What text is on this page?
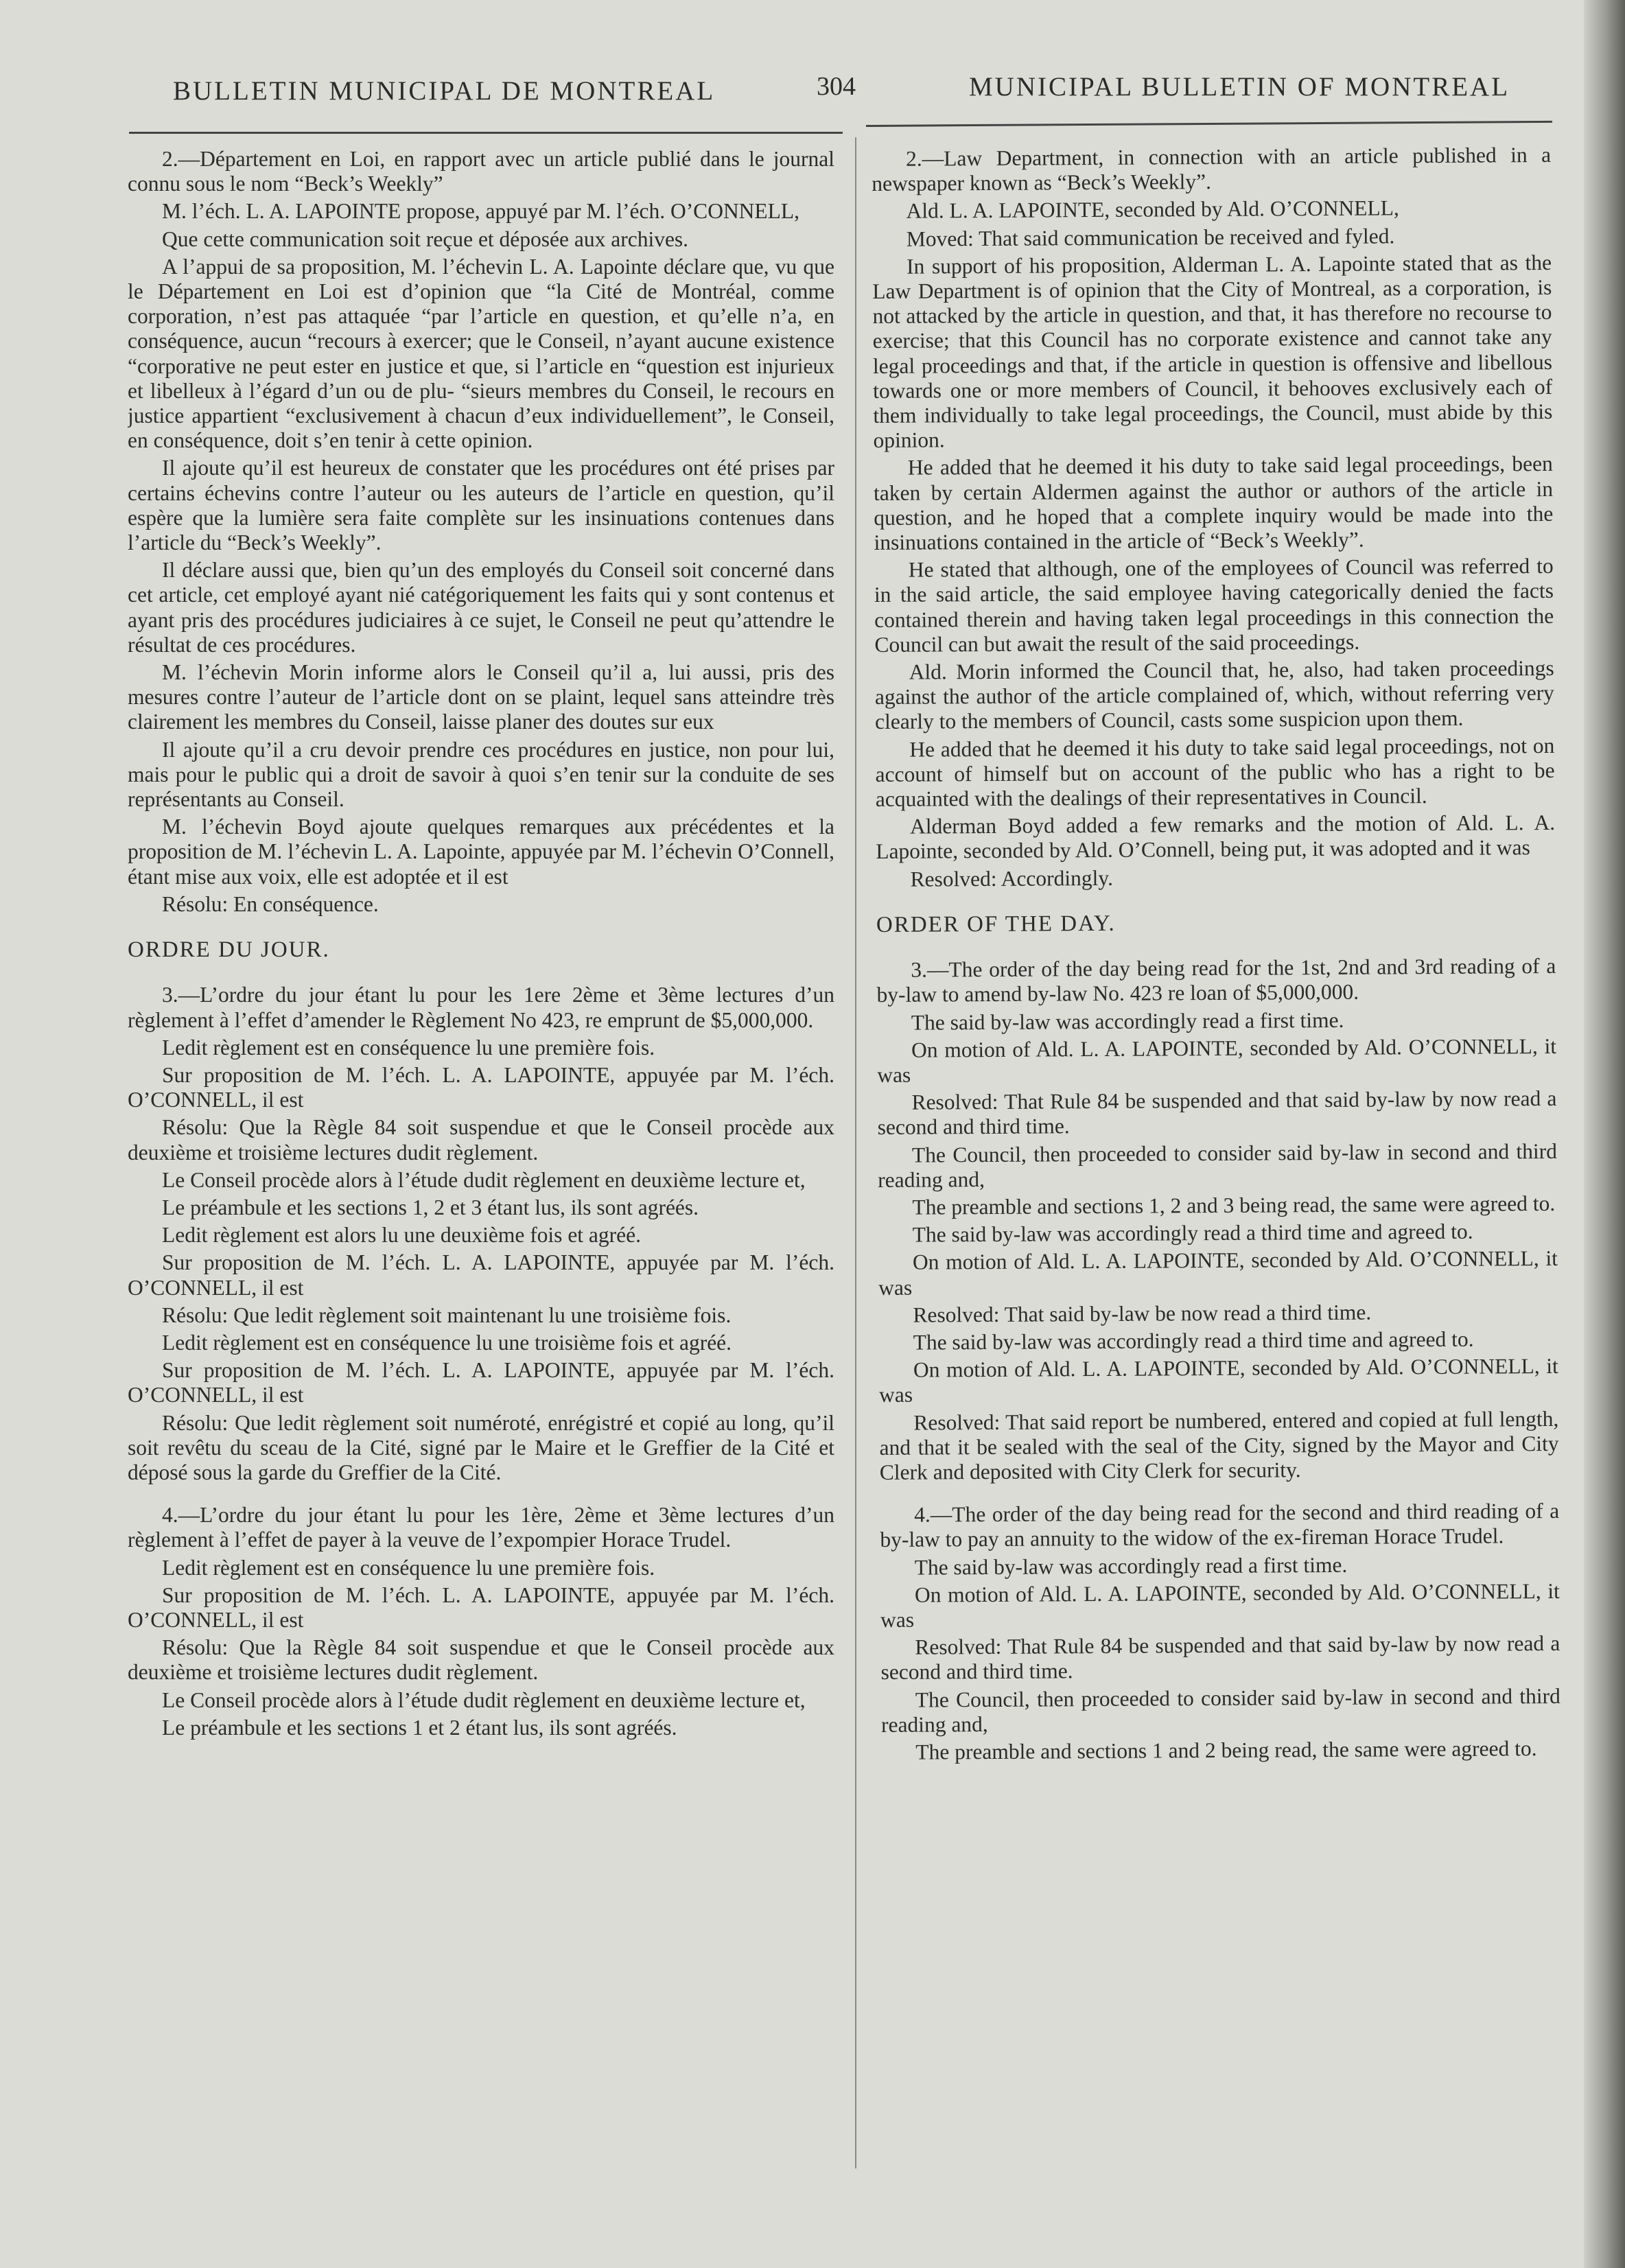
BULLETIN MUNICIPAL DE MONTREAL	304	MUNICIPAL BULLETIN OF MONTREAL

2.—Département en Loi, en rapport avec un article publié dans le journal connu sous le nom “Beck’s Weekly”

M. l’éch. L. A. LAPOINTE propose, appuyé par M. l’éch. O’CONNELL,

Que cette communication soit reçue et déposée aux archives.

A l’appui de sa proposition, M. l’échevin L. A. Lapointe déclare que, vu que le Département en Loi est d’opinion que “la Cité de Montréal, comme corporation, n’est pas attaquée “par l’article en question, et qu’elle n’a, en conséquence, aucun “recours à exercer; que le Conseil, n’ayant aucune existence “corporative ne peut ester en justice et que, si l’article en “question est injurieux et libelleux à l’égard d’un ou de plu- “sieurs membres du Conseil, le recours en justice appartient “exclusivement à chacun d’eux individuellement”, le Conseil, en conséquence, doit s’en tenir à cette opinion.

Il ajoute qu’il est heureux de constater que les procédures ont été prises par certains échevins contre l’auteur ou les auteurs de l’article en question, qu’il espère que la lumière sera faite complète sur les insinuations contenues dans l’article du “Beck’s Weekly”.

Il déclare aussi que, bien qu’un des employés du Conseil soit concerné dans cet article, cet employé ayant nié catégoriquement les faits qui y sont contenus et ayant pris des procédures judiciaires à ce sujet, le Conseil ne peut qu’attendre le résultat de ces procédures.

M. l’échevin Morin informe alors le Conseil qu’il a, lui aussi, pris des mesures contre l’auteur de l’article dont on se plaint, lequel sans atteindre très clairement les membres du Conseil, laisse planer des doutes sur eux

Il ajoute qu’il a cru devoir prendre ces procédures en justice, non pour lui, mais pour le public qui a droit de savoir à quoi s’en tenir sur la conduite de ses représentants au Conseil.

M. l’échevin Boyd ajoute quelques remarques aux précédentes et la proposition de M. l’échevin L. A. Lapointe, appuyée par M. l’échevin O’Connell, étant mise aux voix, elle est adoptée et il est

Résolu: En conséquence.

ORDRE DU JOUR.

3.—L’ordre du jour étant lu pour les 1ere 2ème et 3ème lectures d’un règlement à l’effet d’amender le Règlement No 423, re emprunt de $5,000,000.

Ledit règlement est en conséquence lu une première fois.

Sur proposition de M. l’éch. L. A. LAPOINTE, appuyée par M. l’éch. O’CONNELL, il est

Résolu: Que la Règle 84 soit suspendue et que le Conseil procède aux deuxième et troisième lectures dudit règlement.

Le Conseil procède alors à l’étude dudit règlement en deuxième lecture et,

Le préambule et les sections 1, 2 et 3 étant lus, ils sont agréés.

Ledit règlement est alors lu une deuxième fois et agréé.

Sur proposition de M. l’éch. L. A. LAPOINTE, appuyée par M. l’éch. O’CONNELL, il est

Résolu: Que ledit règlement soit maintenant lu une troisième fois.

Ledit règlement est en conséquence lu une troisième fois et agréé.

Sur proposition de M. l’éch. L. A. LAPOINTE, appuyée par M. l’éch. O’CONNELL, il est

Résolu: Que ledit règlement soit numéroté, enrégistré et copié au long, qu’il soit revêtu du sceau de la Cité, signé par le Maire et le Greffier de la Cité et déposé sous la garde du Greffier de la Cité.

4.—L’ordre du jour étant lu pour les 1ère, 2ème et 3ème lectures d’un règlement à l’effet de payer à la veuve de l’expompier Horace Trudel.

Ledit règlement est en conséquence lu une première fois.

Sur proposition de M. l’éch. L. A. LAPOINTE, appuyée par M. l’éch. O’CONNELL, il est

Résolu: Que la Règle 84 soit suspendue et que le Conseil procède aux deuxième et troisième lectures dudit règlement.

Le Conseil procède alors à l’étude dudit règlement en deuxième lecture et,

Le préambule et les sections 1 et 2 étant lus, ils sont agréés.

2.—Law Department, in connection with an article published in a newspaper known as “Beck’s Weekly”.

Ald. L. A. LAPOINTE, seconded by Ald. O’CONNELL,

Moved: That said communication be received and fyled.

In support of his proposition, Alderman L. A. Lapointe stated that as the Law Department is of opinion that the City of Montreal, as a corporation, is not attacked by the article in question, and that, it has therefore no recourse to exercise; that this Council has no corporate existence and cannot take any legal proceedings and that, if the article in question is offensive and libellous towards one or more members of Council, it behooves exclusively each of them individually to take legal proceedings, the Council, must abide by this opinion.

He added that he deemed it his duty to take said legal proceedings, been taken by certain Aldermen against the author or authors of the article in question, and he hoped that a complete inquiry would be made into the insinuations contained in the article of “Beck’s Weekly”.

He stated that although, one of the employees of Council was referred to in the said article, the said employee having categorically denied the facts contained therein and having taken legal proceedings in this connection the Council can but await the result of the said proceedings.

Ald. Morin informed the Council that, he, also, had taken proceedings against the author of the article complained of, which, without referring very clearly to the members of Council, casts some suspicion upon them.

He added that he deemed it his duty to take said legal proceedings, not on account of himself but on account of the public who has a right to be acquainted with the dealings of their representatives in Council.

Alderman Boyd added a few remarks and the motion of Ald. L. A. Lapointe, seconded by Ald. O’Connell, being put, it was adopted and it was

Resolved: Accordingly.

ORDER OF THE DAY.

3.—The order of the day being read for the 1st, 2nd and 3rd reading of a by-law to amend by-law No. 423 re loan of $5,000,000.

The said by-law was accordingly read a first time.

On motion of Ald. L. A. LAPOINTE, seconded by Ald. O’CONNELL, it was

Resolved: That Rule 84 be suspended and that said by-law by now read a second and third time.

The Council, then proceeded to consider said by-law in second and third reading and,

The preamble and sections 1, 2 and 3 being read, the same were agreed to.

The said by-law was accordingly read a third time and agreed to.

On motion of Ald. L. A. LAPOINTE, seconded by Ald. O’CONNELL, it was

Resolved: That said by-law be now read a third time.

The said by-law was accordingly read a third time and agreed to.

On motion of Ald. L. A. LAPOINTE, seconded by Ald. O’CONNELL, it was

Resolved: That said report be numbered, entered and copied at full length, and that it be sealed with the seal of the City, signed by the Mayor and City Clerk and deposited with City Clerk for security.

4.—The order of the day being read for the second and third reading of a by-law to pay an annuity to the widow of the ex-fireman Horace Trudel.

The said by-law was accordingly read a first time.

On motion of Ald. L. A. LAPOINTE, seconded by Ald. O’CONNELL, it was

Resolved: That Rule 84 be suspended and that said by-law by now read a second and third time.

The Council, then proceeded to consider said by-law in second and third reading and,

The preamble and sections 1 and 2 being read, the same were agreed to.
